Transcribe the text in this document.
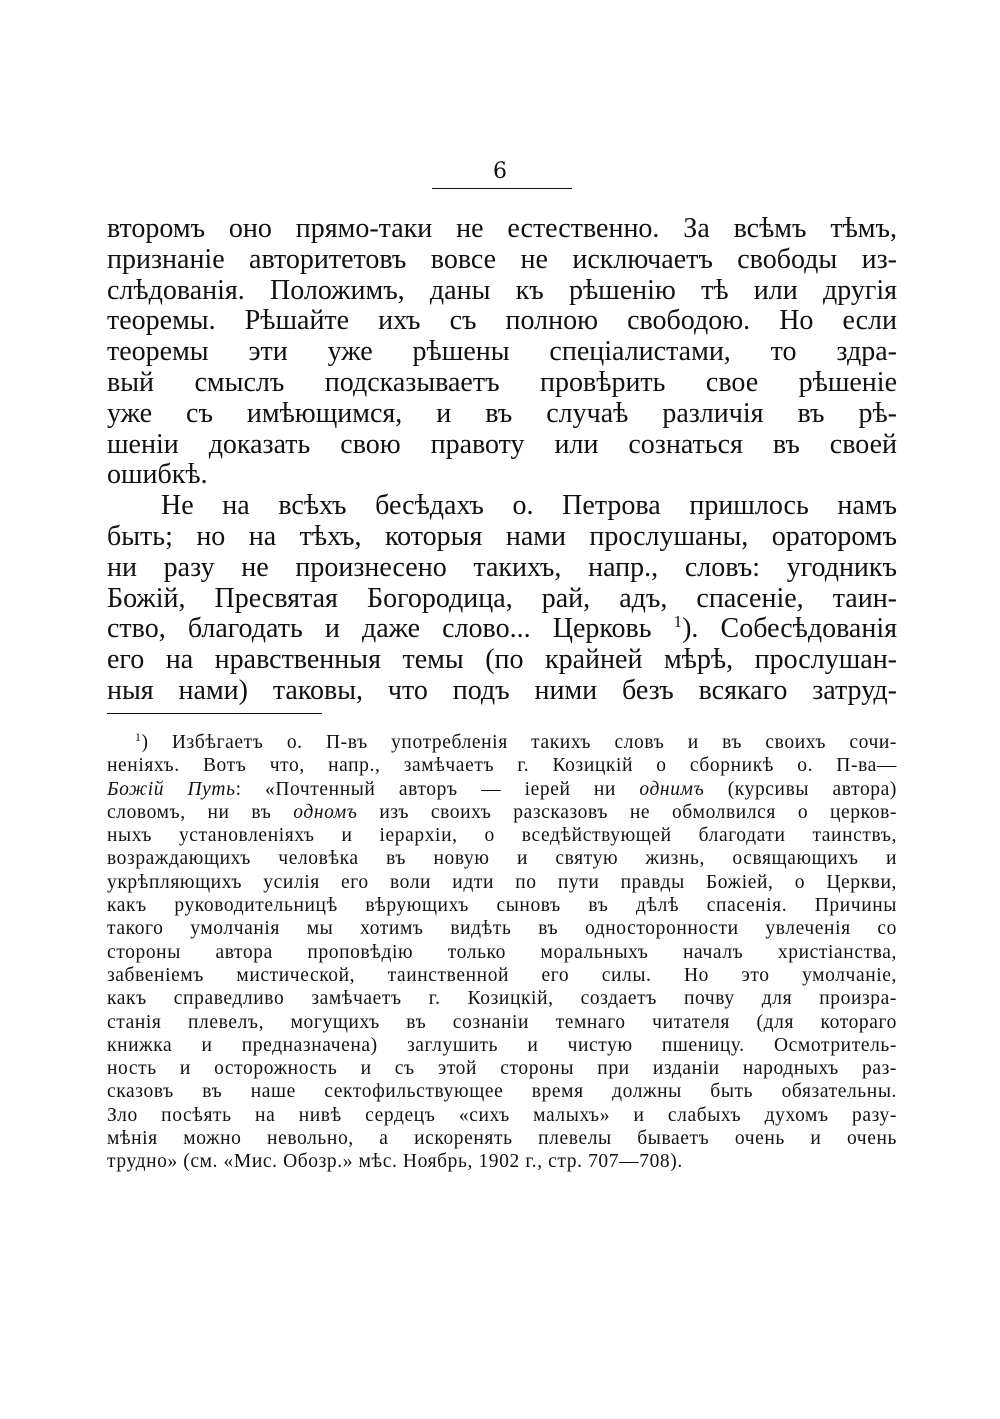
6

второмъ оно прямо-таки не естественно. За всѣмъ тѣмъ,
признаніе авторитетовъ вовсе не исключаетъ свободы из-
слѣдованія. Положимъ, даны къ рѣшенію тѣ или другія
теоремы. Рѣшайте ихъ съ полною свободою. Но если
теоремы эти уже рѣшены спеціалистами, то здра-
вый смыслъ подсказываетъ провѣрить свое рѣшеніе
уже съ имѣющимся, и въ случаѣ различія въ рѣ-
шеніи доказать свою правоту или сознаться въ своей
ошибкѣ.

Не на всѣхъ бесѣдахъ о. Петрова пришлось намъ
быть; но на тѣхъ, которыя нами прослушаны, ораторомъ
ни разу не произнесено такихъ, напр., словъ: угодникъ
Божій, Пресвятая Богородица, рай, адъ, спасеніе, таин-
ство, благодать и даже слово... Церковь $^1$). Собесѣдованія
его на нравственныя темы (по крайней мѣрѣ, прослушан-
ныя нами) таковы, что подъ ними безъ всякаго затруд-

$^1$) Избѣгаетъ о. П-въ употребленія такихъ словъ и въ своихъ сочи-
неніяхъ. Вотъ что, напр., замѣчаетъ г. Козицкій о сборникѣ о. П-ва—
Божій Путь: «Почтенный авторъ — iерей ни однимъ (курсивы автора)
словомъ, ни въ одномъ изъ своихъ разсказовъ не обмолвился о церков-
ныхъ установленіяхъ и іерархіи, о вседѣйствующей благодати таинствъ,
возраждающихъ человѣка въ новую и святую жизнь, освящающихъ и
укрѣпляющихъ усилія его воли идти по пути правды Божіей, о Церкви,
какъ руководительницѣ вѣрующихъ сыновъ въ дѣлѣ спасенія. Причины
такого умолчанія мы хотимъ видѣть въ односторонности увлеченія со
стороны автора проповѣдію только моральныхъ началъ христіанства,
забвеніемъ мистической, таинственной его силы. Но это умолчаніе,
какъ справедливо замѣчаетъ г. Козицкій, создаетъ почву для произра-
станія плевелъ, могущихъ въ сознаніи темнаго читателя (для котораго
книжка и предназначена) заглушить и чистую пшеницу. Осмотритель-
ность и осторожность и съ этой стороны при изданіи народныхъ раз-
сказовъ въ наше сектофильствующее время должны быть обязательны.
Зло посѣять на нивѣ сердецъ «сихъ малыхъ» и слабыхъ духомъ разу-
мѣнія можно невольно, а искоренять плевелы бываетъ очень и очень
трудно» (см. «Мис. Обозр.» мѣс. Ноябрь, 1902 г., стр. 707—708).
